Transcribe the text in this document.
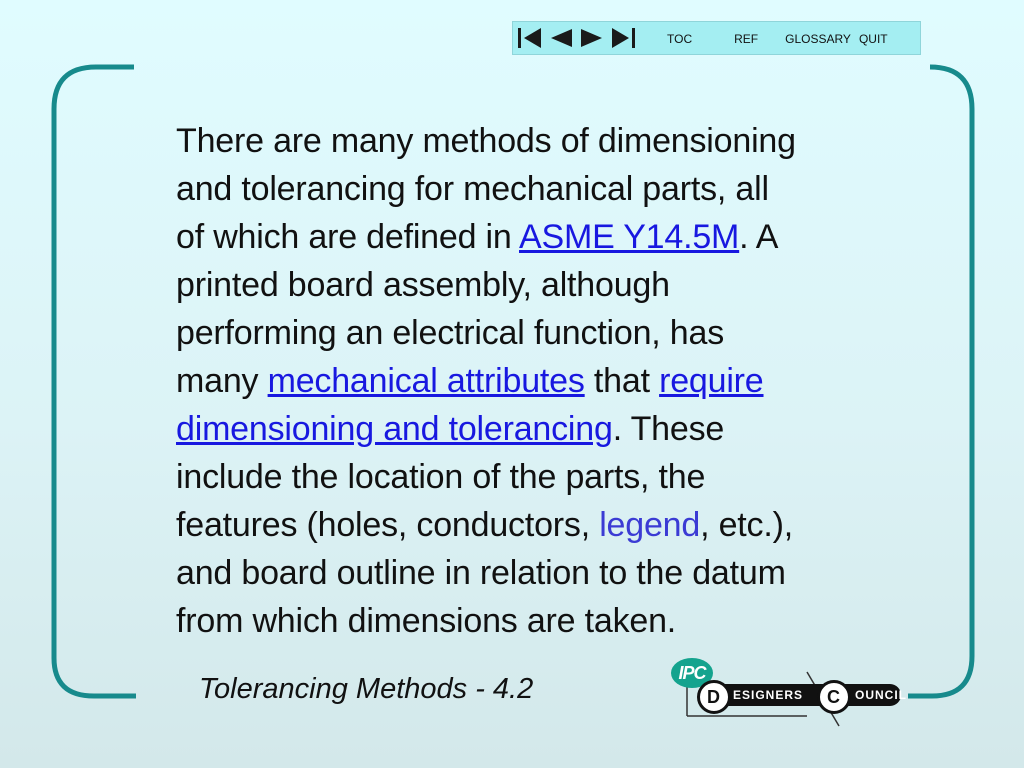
TOC	REF GLOSSARY QUIT
There are many methods of dimensioning
and tolerancing for mechanical parts, all
of which are defined in ASME Y14.5M. A
printed board assembly, although
performing an electrical function, has
many mechanical attributes that require
dimensioning and tolerancing. These
include the location of the parts, the
features (holes, conductors, legend, etc.),
and board outline in relation to the datum
from which dimensions are taken.
Tolerancing Methods - 4.2	IPC
D	ESIGNERS	C	OUNCIL
